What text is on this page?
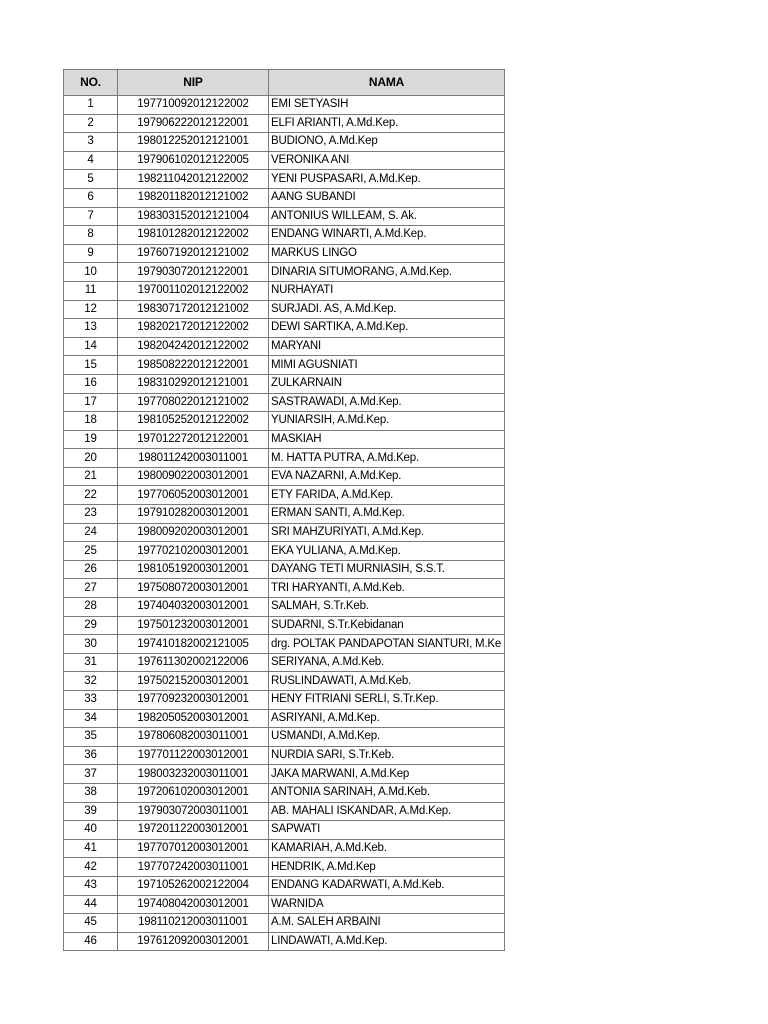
NO.	NIP	NAMA
1	197710092012122002	EMI SETYASIH
2	197906222012122001	ELFI ARIANTI, A.Md.Kep.
3	198012252012121001	BUDIONO, A.Md.Kep
4	197906102012122005	VERONIKA ANI
5	198211042012122002	YENI PUSPASARI, A.Md.Kep.
6	198201182012121002	AANG SUBANDI
7	198303152012121004	ANTONIUS WILLEAM, S. Ak.
8	198101282012122002	ENDANG WINARTI, A.Md.Kep.
9	197607192012121002	MARKUS LINGO
10	197903072012122001	DINARIA SITUMORANG, A.Md.Kep.
11	197001102012122002	NURHAYATI
12	198307172012121002	SURJADI. AS, A.Md.Kep.
13	198202172012122002	DEWI SARTIKA, A.Md.Kep.
14	198204242012122002	MARYANI
15	198508222012122001	MIMI AGUSNIATI
16	198310292012121001	ZULKARNAIN
17	197708022012121002	SASTRAWADI, A.Md.Kep.
18	198105252012122002	YUNIARSIH, A.Md.Kep.
19	197012272012122001	MASKIAH
20	198011242003011001	M. HATTA PUTRA, A.Md.Kep.
21	198009022003012001	EVA NAZARNI, A.Md.Kep.
22	197706052003012001	ETY FARIDA, A.Md.Kep.
23	197910282003012001	ERMAN SANTI, A.Md.Kep.
24	198009202003012001	SRI MAHZURIYATI, A.Md.Kep.
25	197702102003012001	EKA YULIANA, A.Md.Kep.
26	198105192003012001	DAYANG TETI MURNIASIH, S.S.T.
27	197508072003012001	TRI HARYANTI, A.Md.Keb.
28	197404032003012001	SALMAH, S.Tr.Keb.
29	197501232003012001	SUDARNI, S.Tr.Kebidanan
30	197410182002121005	drg. POLTAK PANDAPOTAN SIANTURI, M.Ke
31	197611302002122006	SERIYANA, A.Md.Keb.
32	197502152003012001	RUSLINDAWATI, A.Md.Keb.
33	197709232003012001	HENY FITRIANI SERLI, S.Tr.Kep.
34	198205052003012001	ASRIYANI, A.Md.Kep.
35	197806082003011001	USMANDI, A.Md.Kep.
36	197701122003012001	NURDIA SARI, S.Tr.Keb.
37	198003232003011001	JAKA MARWANI, A.Md.Kep
38	197206102003012001	ANTONIA SARINAH, A.Md.Keb.
39	197903072003011001	AB. MAHALI ISKANDAR, A.Md.Kep.
40	197201122003012001	SAPWATI
41	197707012003012001	KAMARIAH, A.Md.Keb.
42	197707242003011001	HENDRIK, A.Md.Kep
43	197105262002122004	ENDANG KADARWATI, A.Md.Keb.
44	197408042003012001	WARNIDA
45	198110212003011001	A.M. SALEH ARBAINI
46	197612092003012001	LINDAWATI, A.Md.Kep.
